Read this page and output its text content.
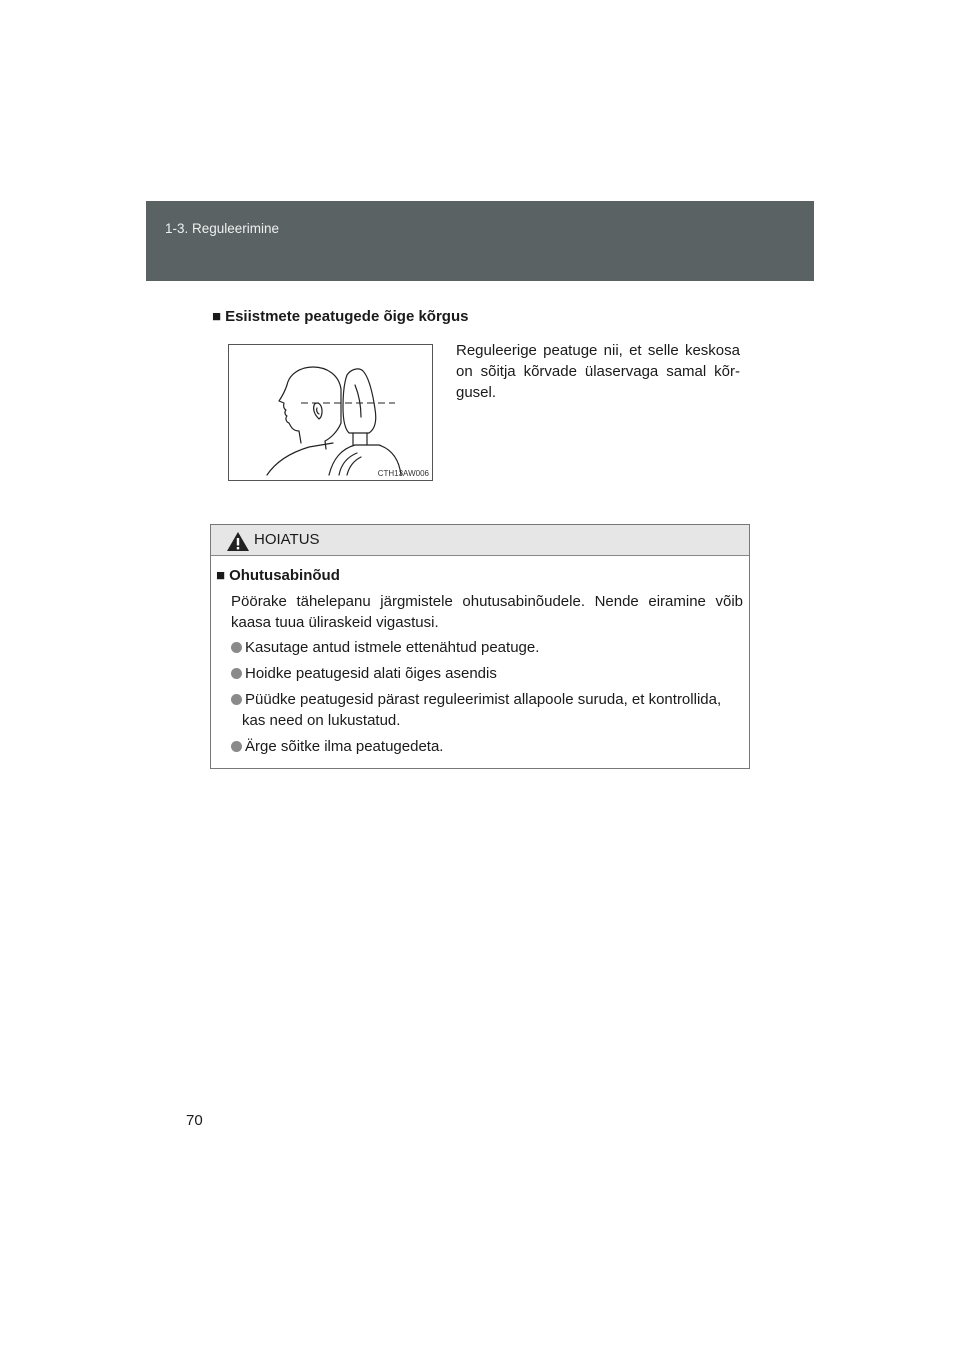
1-3. Reguleerimine
■ Esiistmete peatugede õige kõrgus
CTH13AW006
Reguleerige peatuge nii, et selle keskosa on sõitja kõrvade ülaservaga samal kõr-gusel.
HOIATUS
■ Ohutusabinõud
Pöörake tähelepanu järgmistele ohutusabinõudele. Nende eiramine võib kaasa tuua üliraskeid vigastusi.
Kasutage antud istmele ettenähtud peatuge.
Hoidke peatugesid alati õiges asendis
Püüdke peatugesid pärast reguleerimist allapoole suruda, et kontrollida,
kas need on lukustatud.
Ärge sõitke ilma peatugedeta.
70
